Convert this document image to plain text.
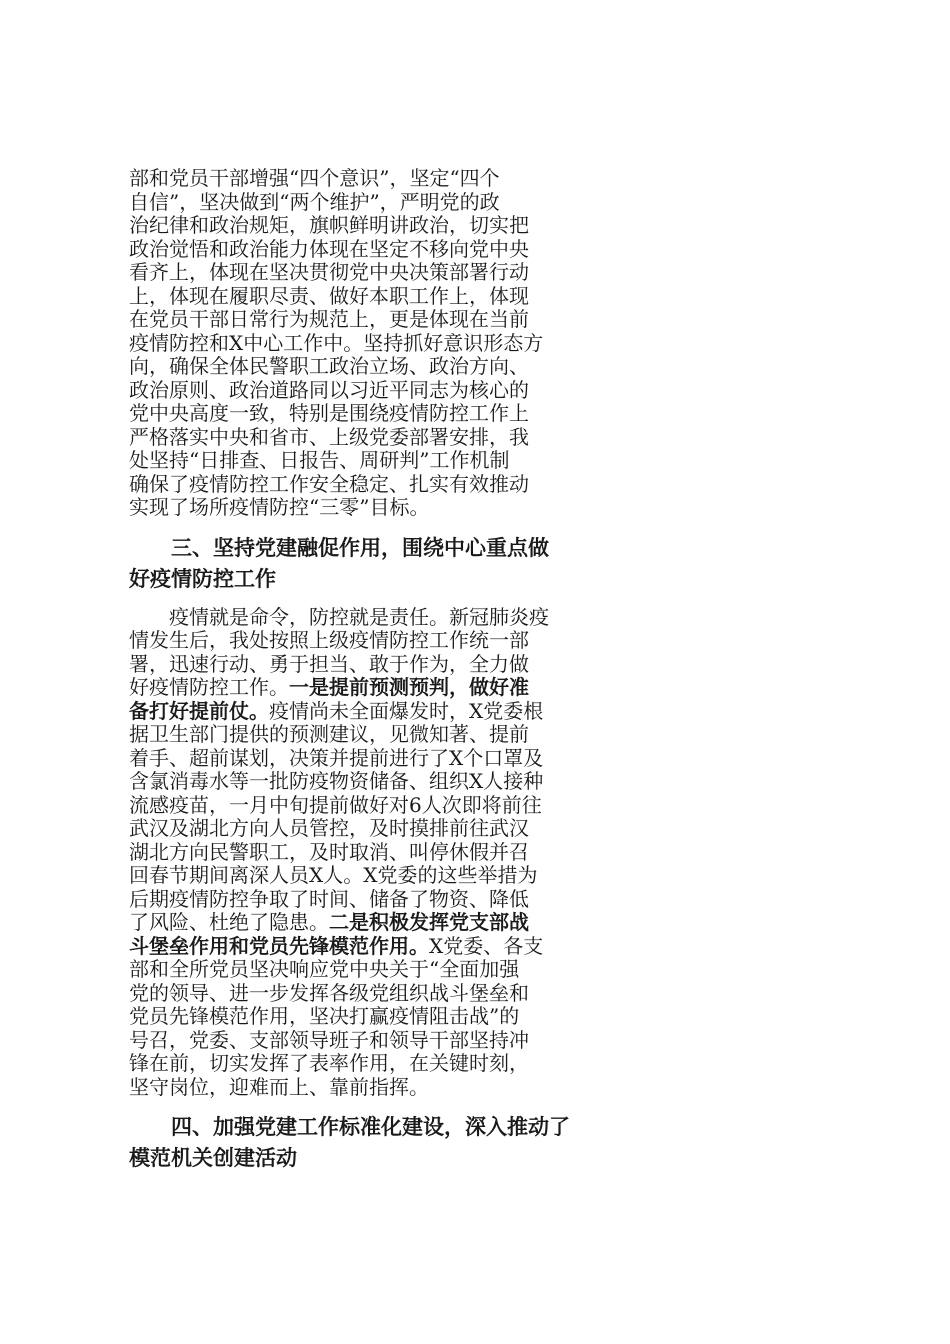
部和党员干部增强“四个意识”，坚定“四个
自信”，坚决做到“两个维护”，严明党的政
治纪律和政治规矩，旗帜鲜明讲政治，切实把
政治觉悟和政治能力体现在坚定不移向党中央
看齐上，体现在坚决贯彻党中央决策部署行动
上，体现在履职尽责、做好本职工作上，体现
在党员干部日常行为规范上，更是体现在当前
疫情防控和X中心工作中。坚持抓好意识形态方
向，确保全体民警职工政治立场、政治方向、
政治原则、政治道路同以习近平同志为核心的
党中央高度一致，特别是围绕疫情防控工作上
严格落实中央和省市、上级党委部署安排，我
处坚持“日排查、日报告、周研判”工作机制
确保了疫情防控工作安全稳定、扎实有效推动
实现了场所疫情防控“三零”目标。
　　三、坚持党建融促作用，围绕中心重点做
好疫情防控工作
　　疫情就是命令，防控就是责任。新冠肺炎疫
情发生后，我处按照上级疫情防控工作统一部
署，迅速行动、勇于担当、敢于作为，全力做
好疫情防控工作。一是提前预测预判，做好准
备打好提前仗。疫情尚未全面爆发时，X党委根
据卫生部门提供的预测建议，见微知著、提前
着手、超前谋划，决策并提前进行了X个口罩及
含氯消毒水等一批防疫物资储备、组织X人接种
流感疫苗，一月中旬提前做好对6人次即将前往
武汉及湖北方向人员管控，及时摸排前往武汉
湖北方向民警职工，及时取消、叫停休假并召
回春节期间离深人员X人。X党委的这些举措为
后期疫情防控争取了时间、储备了物资、降低
了风险、杜绝了隐患。二是积极发挥党支部战
斗堡垒作用和党员先锋模范作用。X党委、各支
部和全所党员坚决响应党中央关于“全面加强
党的领导、进一步发挥各级党组织战斗堡垒和
党员先锋模范作用，坚决打赢疫情阻击战”的
号召，党委、支部领导班子和领导干部坚持冲
锋在前，切实发挥了表率作用，在关键时刻，
坚守岗位，迎难而上、靠前指挥。
　　四、加强党建工作标准化建设，深入推动了
模范机关创建活动
